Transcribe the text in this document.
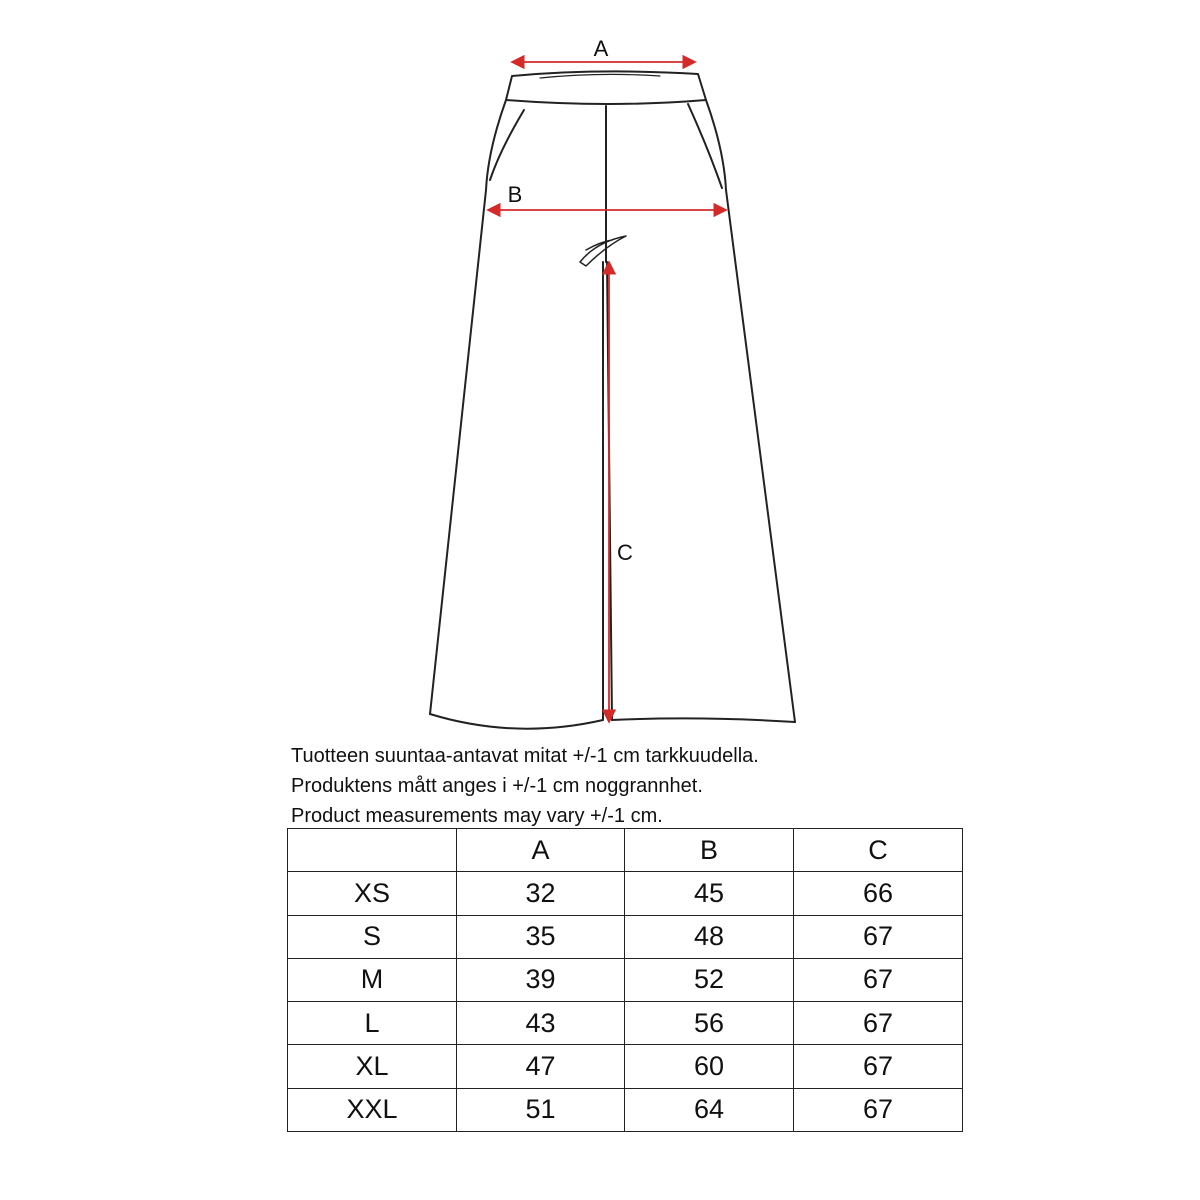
A
B
C
Tuotteen suuntaa-antavat mitat +/-1 cm tarkkuudella.
Produktens mått anges i +/-1 cm noggrannhet.
Product measurements may vary +/-1 cm.
	A	B	C
XS	32	45	66
S	35	48	67
M	39	52	67
L	43	56	67
XL	47	60	67
XXL	51	64	67
